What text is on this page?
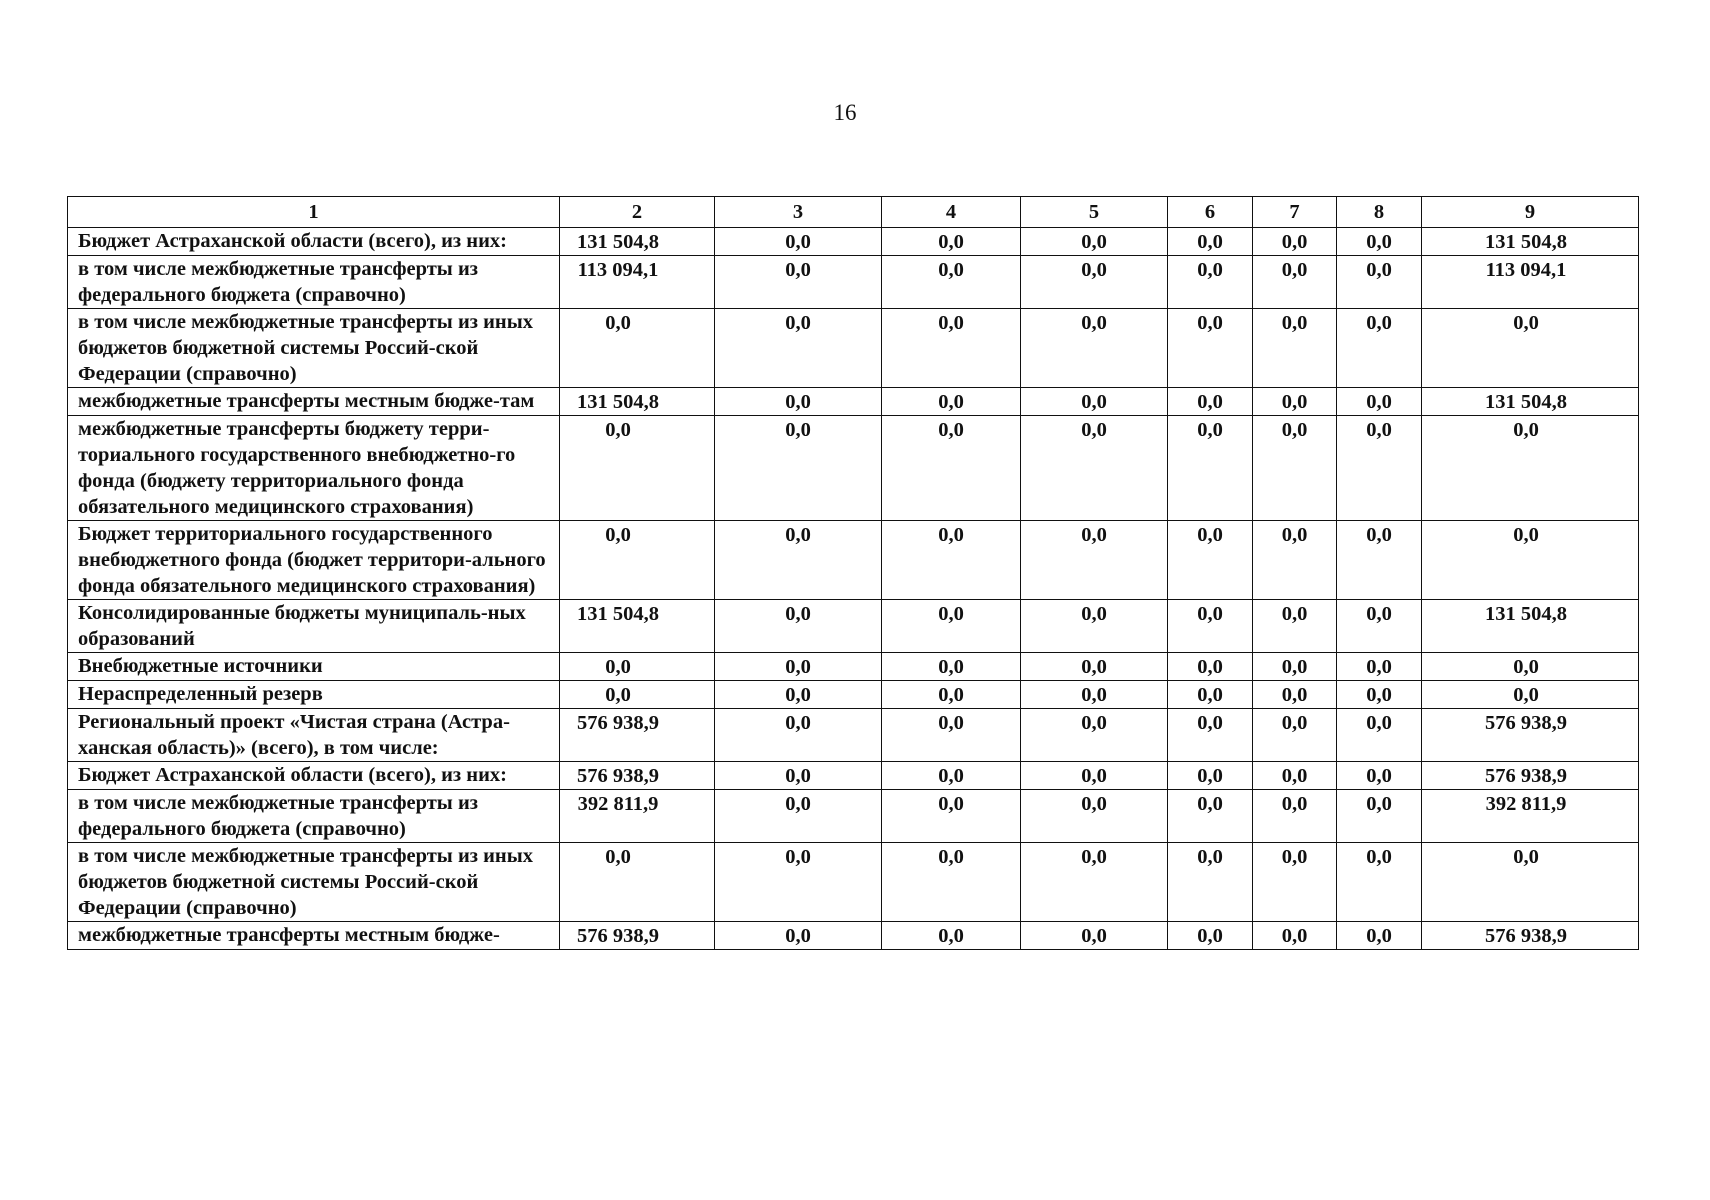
16
1	2	3	4	5	6	7	8	9
Бюджет Астраханской области (всего), из них:	131 504,8	0,0	0,0	0,0	0,0	0,0	0,0	131 504,8
в том числе межбюджетные трансферты из федерального бюджета (справочно)	113 094,1	0,0	0,0	0,0	0,0	0,0	0,0	113 094,1
в том числе межбюджетные трансферты из иных бюджетов бюджетной системы Россий-ской Федерации (справочно)	0,0	0,0	0,0	0,0	0,0	0,0	0,0	0,0
межбюджетные трансферты местным бюдже-там	131 504,8	0,0	0,0	0,0	0,0	0,0	0,0	131 504,8
межбюджетные трансферты бюджету терри-ториального государственного внебюджетно-го фонда (бюджету территориального фонда обязательного медицинского страхования)	0,0	0,0	0,0	0,0	0,0	0,0	0,0	0,0
Бюджет территориального государственного внебюджетного фонда (бюджет территори-ального фонда обязательного медицинского страхования)	0,0	0,0	0,0	0,0	0,0	0,0	0,0	0,0
Консолидированные бюджеты муниципаль-ных образований	131 504,8	0,0	0,0	0,0	0,0	0,0	0,0	131 504,8
Внебюджетные источники	0,0	0,0	0,0	0,0	0,0	0,0	0,0	0,0
Нераспределенный резерв	0,0	0,0	0,0	0,0	0,0	0,0	0,0	0,0
Региональный проект «Чистая страна (Астра-ханская область)» (всего), в том числе:	576 938,9	0,0	0,0	0,0	0,0	0,0	0,0	576 938,9
Бюджет Астраханской области (всего), из них:	576 938,9	0,0	0,0	0,0	0,0	0,0	0,0	576 938,9
в том числе межбюджетные трансферты из федерального бюджета (справочно)	392 811,9	0,0	0,0	0,0	0,0	0,0	0,0	392 811,9
в том числе межбюджетные трансферты из иных бюджетов бюджетной системы Россий-ской Федерации (справочно)	0,0	0,0	0,0	0,0	0,0	0,0	0,0	0,0
межбюджетные трансферты местным бюдже-	576 938,9	0,0	0,0	0,0	0,0	0,0	0,0	576 938,9
